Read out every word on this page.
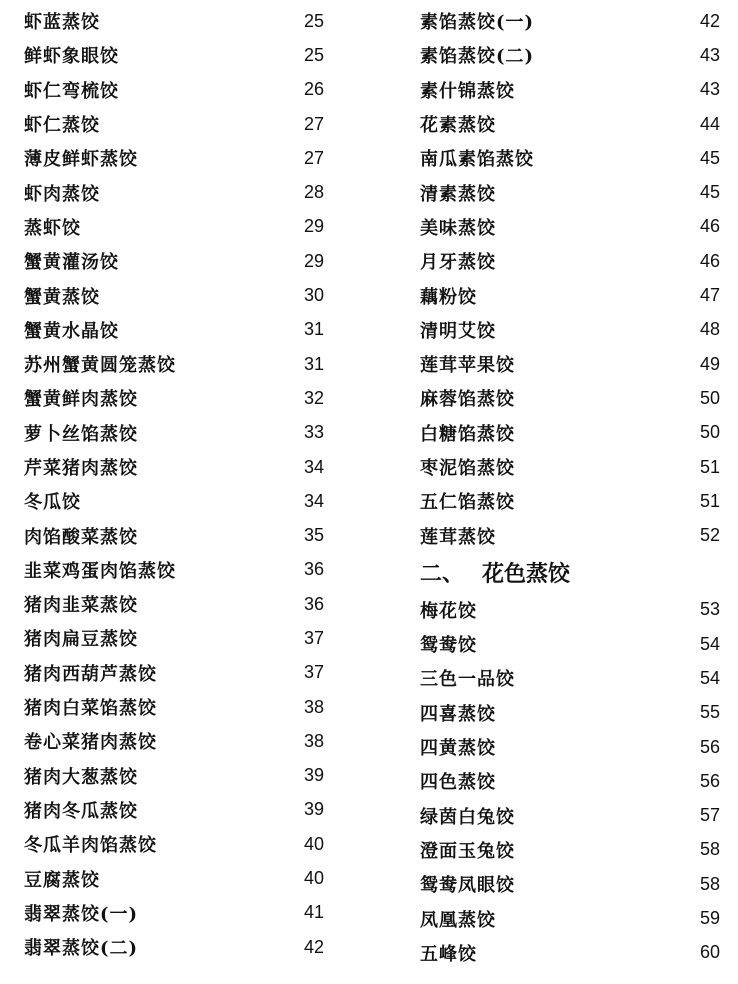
虾蓝蒸饺	25
鲜虾象眼饺	25
虾仁弯梳饺	26
虾仁蒸饺	27
薄皮鲜虾蒸饺	27
虾肉蒸饺	28
蒸虾饺	29
蟹黄灌汤饺	29
蟹黄蒸饺	30
蟹黄水晶饺	31
苏州蟹黄圆笼蒸饺	31
蟹黄鲜肉蒸饺	32
萝卜丝馅蒸饺	33
芹菜猪肉蒸饺	34
冬瓜饺	34
肉馅酸菜蒸饺	35
韭菜鸡蛋肉馅蒸饺	36
猪肉韭菜蒸饺	36
猪肉扁豆蒸饺	37
猪肉西葫芦蒸饺	37
猪肉白菜馅蒸饺	38
卷心菜猪肉蒸饺	38
猪肉大葱蒸饺	39
猪肉冬瓜蒸饺	39
冬瓜羊肉馅蒸饺	40
豆腐蒸饺	40
翡翠蒸饺(一)	41
翡翠蒸饺(二)	42
素馅蒸饺(一)	42
素馅蒸饺(二)	43
素什锦蒸饺	43
花素蒸饺	44
南瓜素馅蒸饺	45
清素蒸饺	45
美味蒸饺	46
月牙蒸饺	46
藕粉饺	47
清明艾饺	48
莲茸苹果饺	49
麻蓉馅蒸饺	50
白糖馅蒸饺	50
枣泥馅蒸饺	51
五仁馅蒸饺	51
莲茸蒸饺	52
二、 花色蒸饺
梅花饺	53
鸳鸯饺	54
三色一品饺	54
四喜蒸饺	55
四黄蒸饺	56
四色蒸饺	56
绿茵白兔饺	57
澄面玉兔饺	58
鸳鸯凤眼饺	58
凤凰蒸饺	59
五峰饺	60
